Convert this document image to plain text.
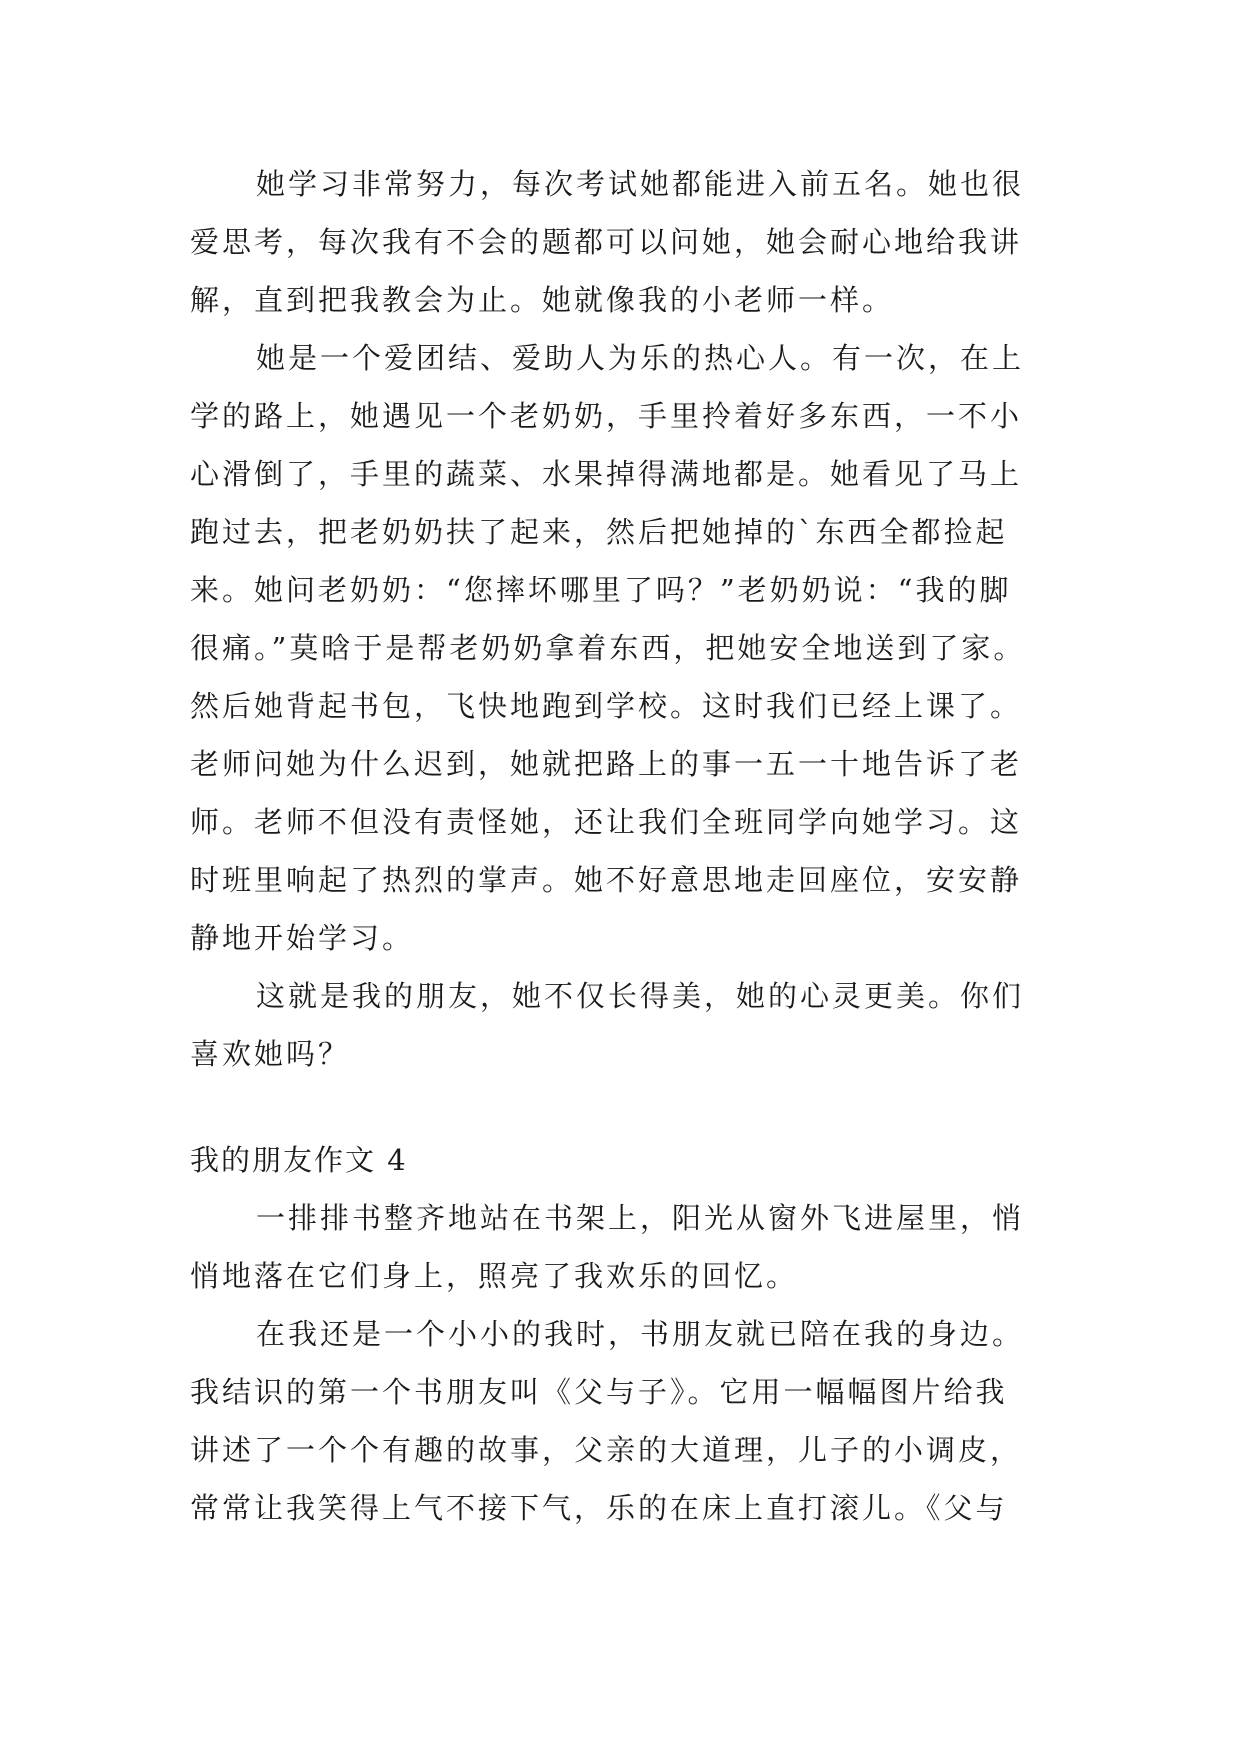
她学习非常努力，每次考试她都能进入前五名。她也很
爱思考，每次我有不会的题都可以问她，她会耐心地给我讲
解，直到把我教会为止。她就像我的小老师一样。
她是一个爱团结、爱助人为乐的热心人。有一次，在上
学的路上，她遇见一个老奶奶，手里拎着好多东西，一不小
心滑倒了，手里的蔬菜、水果掉得满地都是。她看见了马上
跑过去，把老奶奶扶了起来，然后把她掉的`东西全都捡起
来。她问老奶奶：“您摔坏哪里了吗？”老奶奶说：“我的脚
很痛。”莫晗于是帮老奶奶拿着东西，把她安全地送到了家。
然后她背起书包，飞快地跑到学校。这时我们已经上课了。
老师问她为什么迟到，她就把路上的事一五一十地告诉了老
师。老师不但没有责怪她，还让我们全班同学向她学习。这
时班里响起了热烈的掌声。她不好意思地走回座位，安安静
静地开始学习。
这就是我的朋友，她不仅长得美，她的心灵更美。你们
喜欢她吗？
我的朋友作文 4
一排排书整齐地站在书架上，阳光从窗外飞进屋里，悄
悄地落在它们身上，照亮了我欢乐的回忆。
在我还是一个小小的我时，书朋友就已陪在我的身边。
我结识的第一个书朋友叫《父与子》。它用一幅幅图片给我
讲述了一个个有趣的故事，父亲的大道理，儿子的小调皮，
常常让我笑得上气不接下气，乐的在床上直打滚儿。《父与
